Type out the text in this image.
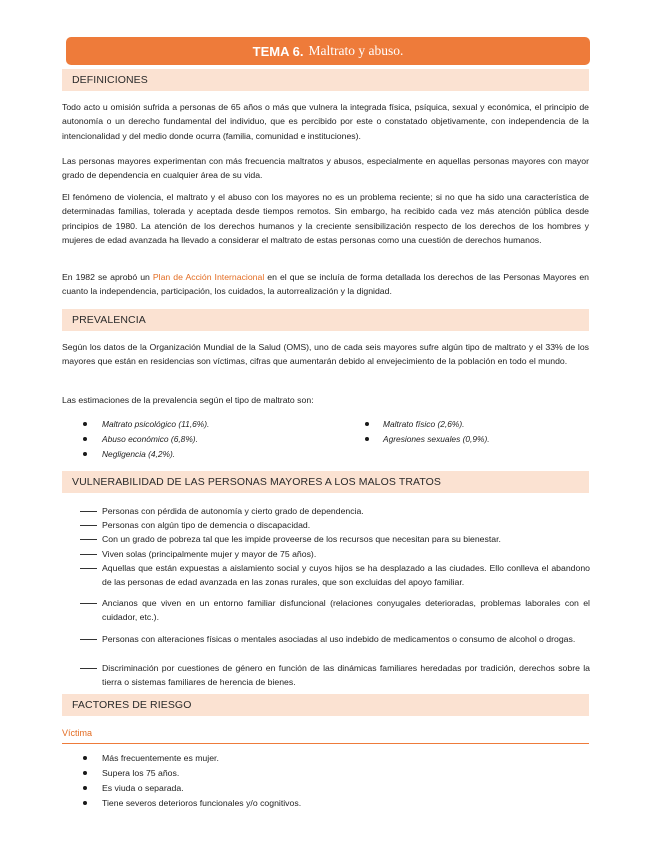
TEMA 6. Maltrato y abuso.
DEFINICIONES

Todo acto u omisión sufrida a personas de 65 años o más que vulnera la integrada física, psíquica, sexual y económica, el principio de autonomía o un derecho fundamental del individuo, que es percibido por este o constatado objetivamente, con independencia de la intencionalidad y del medio donde ocurra (familia, comunidad e instituciones).

Las personas mayores experimentan con más frecuencia maltratos y abusos, especialmente en aquellas personas mayores con mayor grado de dependencia en cualquier área de su vida.

El fenómeno de violencia, el maltrato y el abuso con los mayores no es un problema reciente; si no que ha sido una característica de determinadas familias, tolerada y aceptada desde tiempos remotos. Sin embargo, ha recibido cada vez más atención pública desde principios de 1980. La atención de los derechos humanos y la creciente sensibilización respecto de los derechos de los hombres y mujeres de edad avanzada ha llevado a considerar el maltrato de estas personas como una cuestión de derechos humanos.

En 1982 se aprobó un Plan de Acción Internacional en el que se incluía de forma detallada los derechos de las Personas Mayores en cuanto la independencia, participación, los cuidados, la autorrealización y la dignidad.

PREVALENCIA

Según los datos de la Organización Mundial de la Salud (OMS), uno de cada seis mayores sufre algún tipo de maltrato y el 33% de los mayores que están en residencias son víctimas, cifras que aumentarán debido al envejecimiento de la población en todo el mundo.

Las estimaciones de la prevalencia según el tipo de maltrato son:

Maltrato psicológico (11,6%).
Abuso económico (6,8%).
Negligencia (4,2%).
Maltrato físico (2,6%).
Agresiones sexuales (0,9%).
VULNERABILIDAD DE LAS PERSONAS MAYORES A LOS MALOS TRATOS

Personas con pérdida de autonomía y cierto grado de dependencia.

Personas con algún tipo de demencia o discapacidad.

Con un grado de pobreza tal que les impide proveerse de los recursos que necesitan para su bienestar.

Viven solas (principalmente mujer y mayor de 75 años).

Aquellas que están expuestas a aislamiento social y cuyos hijos se ha desplazado a las ciudades. Ello conlleva el abandono de las personas de edad avanzada en las zonas rurales, que son excluidas del apoyo familiar.

Ancianos que viven en un entorno familiar disfuncional (relaciones conyugales deterioradas, problemas laborales con el cuidador, etc.).

Personas con alteraciones físicas o mentales asociadas al uso indebido de medicamentos o consumo de alcohol o drogas.

Discriminación por cuestiones de género en función de las dinámicas familiares heredadas por tradición, derechos sobre la tierra o sistemas familiares de herencia de bienes.

FACTORES DE RIESGO
Víctima
Más frecuentemente es mujer.
Supera los 75 años.
Es viuda o separada.
Tiene severos deterioros funcionales y/o cognitivos.
